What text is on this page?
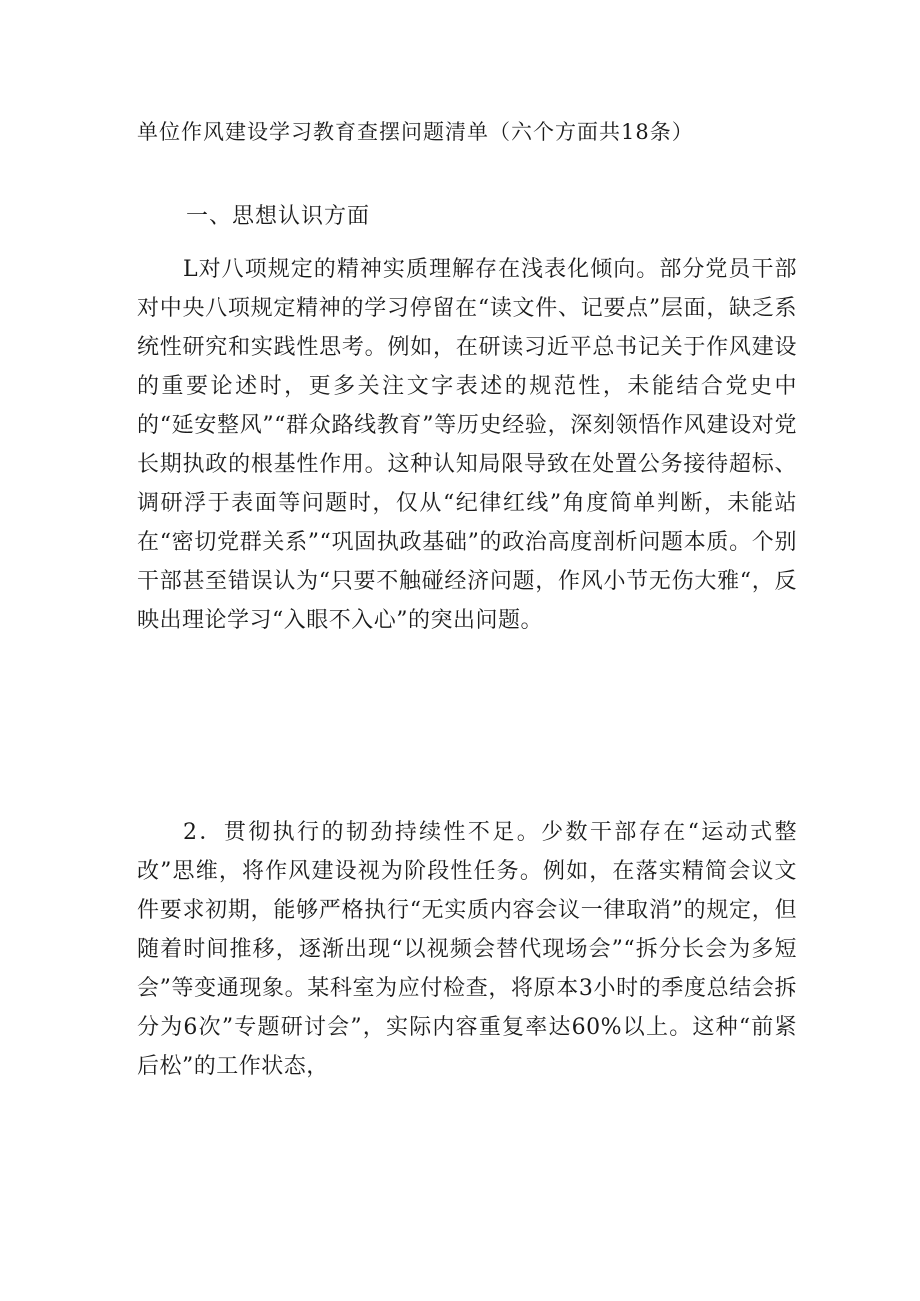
单位作风建设学习教育查摆问题清单（六个方面共18条）
一、思想认识方面

L对八项规定的精神实质理解存在浅表化倾向。部分党员干部对中央八项规定精神的学习停留在“读文件、记要点”层面，缺乏系统性研究和实践性思考。例如，在研读习近平总书记关于作风建设的重要论述时，更多关注文字表述的规范性，未能结合党史中的“延安整风”“群众路线教育”等历史经验，深刻领悟作风建设对党长期执政的根基性作用。这种认知局限导致在处置公务接待超标、调研浮于表面等问题时，仅从“纪律红线”角度简单判断，未能站在“密切党群关系”“巩固执政基础”的政治高度剖析问题本质。个别干部甚至错误认为“只要不触碰经济问题，作风小节无伤大雅“，反映出理论学习“入眼不入心”的突出问题。

2．贯彻执行的韧劲持续性不足。少数干部存在“运动式整改”思维，将作风建设视为阶段性任务。例如，在落实精简会议文件要求初期，能够严格执行“无实质内容会议一律取消”的规定，但随着时间推移，逐渐出现“以视频会替代现场会”“拆分长会为多短会”等变通现象。某科室为应付检查，将原本3小时的季度总结会拆分为6次”专题研讨会”，实际内容重复率达60%以上。这种“前紧后松”的工作状态，
